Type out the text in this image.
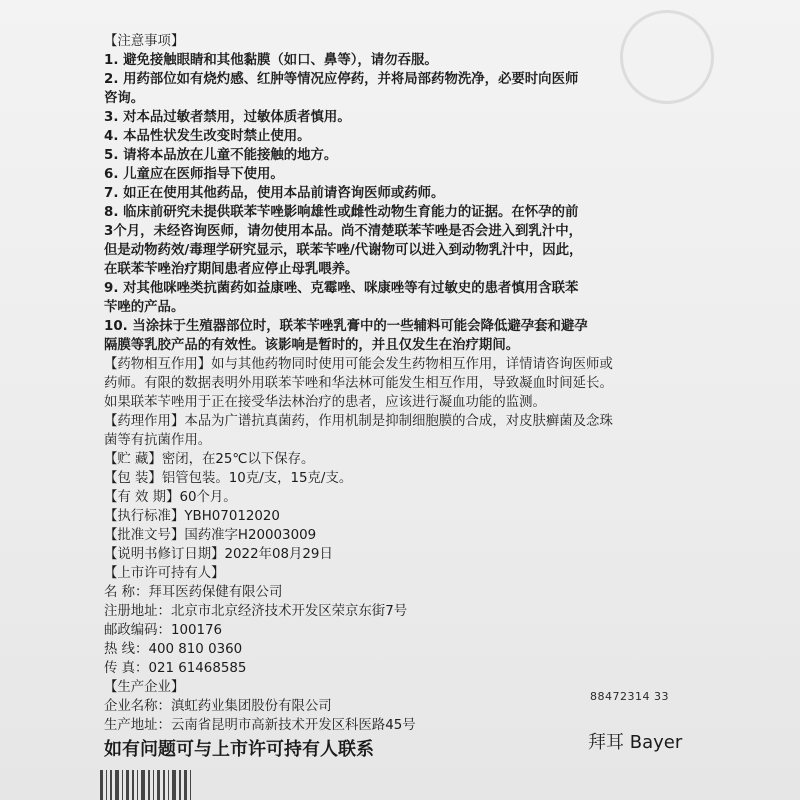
【注意事项】
1. 避免接触眼睛和其他黏膜（如口、鼻等），请勿吞服。
2. 用药部位如有烧灼感、红肿等情况应停药，并将局部药物洗净，必要时向医师
咨询。
3. 对本品过敏者禁用，过敏体质者慎用。
4. 本品性状发生改变时禁止使用。
5. 请将本品放在儿童不能接触的地方。
6. 儿童应在医师指导下使用。
7. 如正在使用其他药品，使用本品前请咨询医师或药师。
8. 临床前研究未提供联苯苄唑影响雄性或雌性动物生育能力的证据。在怀孕的前
3个月，未经咨询医师，请勿使用本品。尚不清楚联苯苄唑是否会进入到乳汁中，
但是动物药效/毒理学研究显示，联苯苄唑/代谢物可以进入到动物乳汁中，因此，
在联苯苄唑治疗期间患者应停止母乳喂养。
9. 对其他咪唑类抗菌药如益康唑、克霉唑、咪康唑等有过敏史的患者慎用含联苯
苄唑的产品。
10. 当涂抹于生殖器部位时，联苯苄唑乳膏中的一些辅料可能会降低避孕套和避孕
隔膜等乳胶产品的有效性。该影响是暂时的，并且仅发生在治疗期间。
【药物相互作用】如与其他药物同时使用可能会发生药物相互作用，详情请咨询医师或
药师。有限的数据表明外用联苯苄唑和华法林可能发生相互作用，导致凝血时间延长。
如果联苯苄唑用于正在接受华法林治疗的患者，应该进行凝血功能的监测。
【药理作用】本品为广谱抗真菌药，作用机制是抑制细胞膜的合成，对皮肤癣菌及念珠
菌等有抗菌作用。
【贮 藏】密闭，在25℃以下保存。
【包 装】铝管包装。10克/支，15克/支。
【有 效 期】60个月。
【执行标准】YBH07012020
【批准文号】国药准字H20003009
【说明书修订日期】2022年08月29日
【上市许可持有人】
名 称：拜耳医药保健有限公司
注册地址：北京市北京经济技术开发区荣京东街7号
邮政编码：100176
热 线：400 810 0360
传 真：021 61468585
【生产企业】
企业名称：滇虹药业集团股份有限公司
生产地址：云南省昆明市高新技术开发区科医路45号
88472314 33
拜耳 Bayer
如有问题可与上市许可持有人联系
